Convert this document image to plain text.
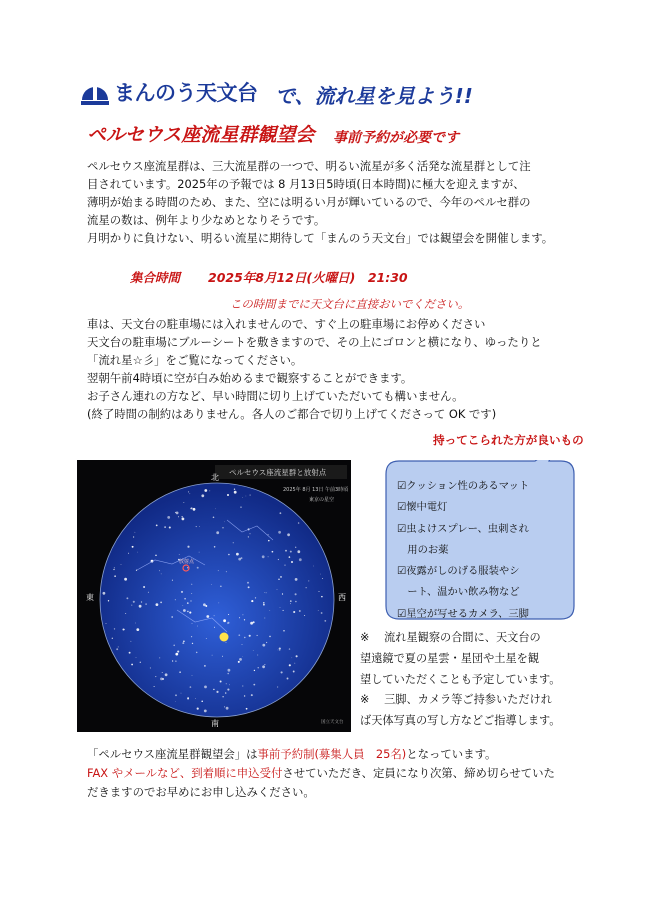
まんのう天文台 で、流れ星を見よう!!
ペルセウス座流星群観望会 事前予約が必要です
ペルセウス座流星群は、三大流星群の一つで、明るい流星が多く活発な流星群として注
目されています。2025年の予報では 8 月13日5時頃(日本時間)に極大を迎えますが、
薄明が始まる時間のため、また、空には明るい月が輝いているので、今年のペルセ群の
流星の数は、例年より少なめとなりそうです。
月明かりに負けない、明るい流星に期待して「まんのう天文台」では観望会を開催します。
集合時間 2025年8月12日(火曜日)　21:30
この時間までに天文台に直接おいでください。
車は、天文台の駐車場には入れませんので、すぐ上の駐車場にお停めください
天文台の駐車場にブルーシートを敷きますので、その上にゴロンと横になり、ゆったりと
「流れ星☆彡」をご覧になってください。
翌朝午前4時頃に空が白み始めるまで観察することができます。
お子さん連れの方など、早い時間に切り上げていただいても構いません。
(終了時間の制約はありません。各人のご都合で切り上げてくださって OK です)
持ってこられた方が良いもの
☑クッション性のあるマット
☑懐中電灯
☑虫よけスプレー、虫刺され
　用のお薬
☑夜露がしのげる服装やシ
　ート、温かい飲み物など
☑星空が写せるカメラ、三脚
ペルセウス座流星群と放射点
2025年 8月 13日 午前3時頃
東京の星空
北
南
東	西
放射点
国立天文台
※　 流れ星観察の合間に、天文台の
望遠鏡で夏の星雲・星団や土星を観
望していただくことも予定しています。
※　 三脚、カメラ等ご持参いただけれ
ば天体写真の写し方などご指導します。
「ペルセウス座流星群観望会」は事前予約制(募集人員　25名)となっています。
FAX やメールなど、到着順に申込受付させていただき、定員になり次第、締め切らせていた
だきますのでお早めにお申し込みください。
